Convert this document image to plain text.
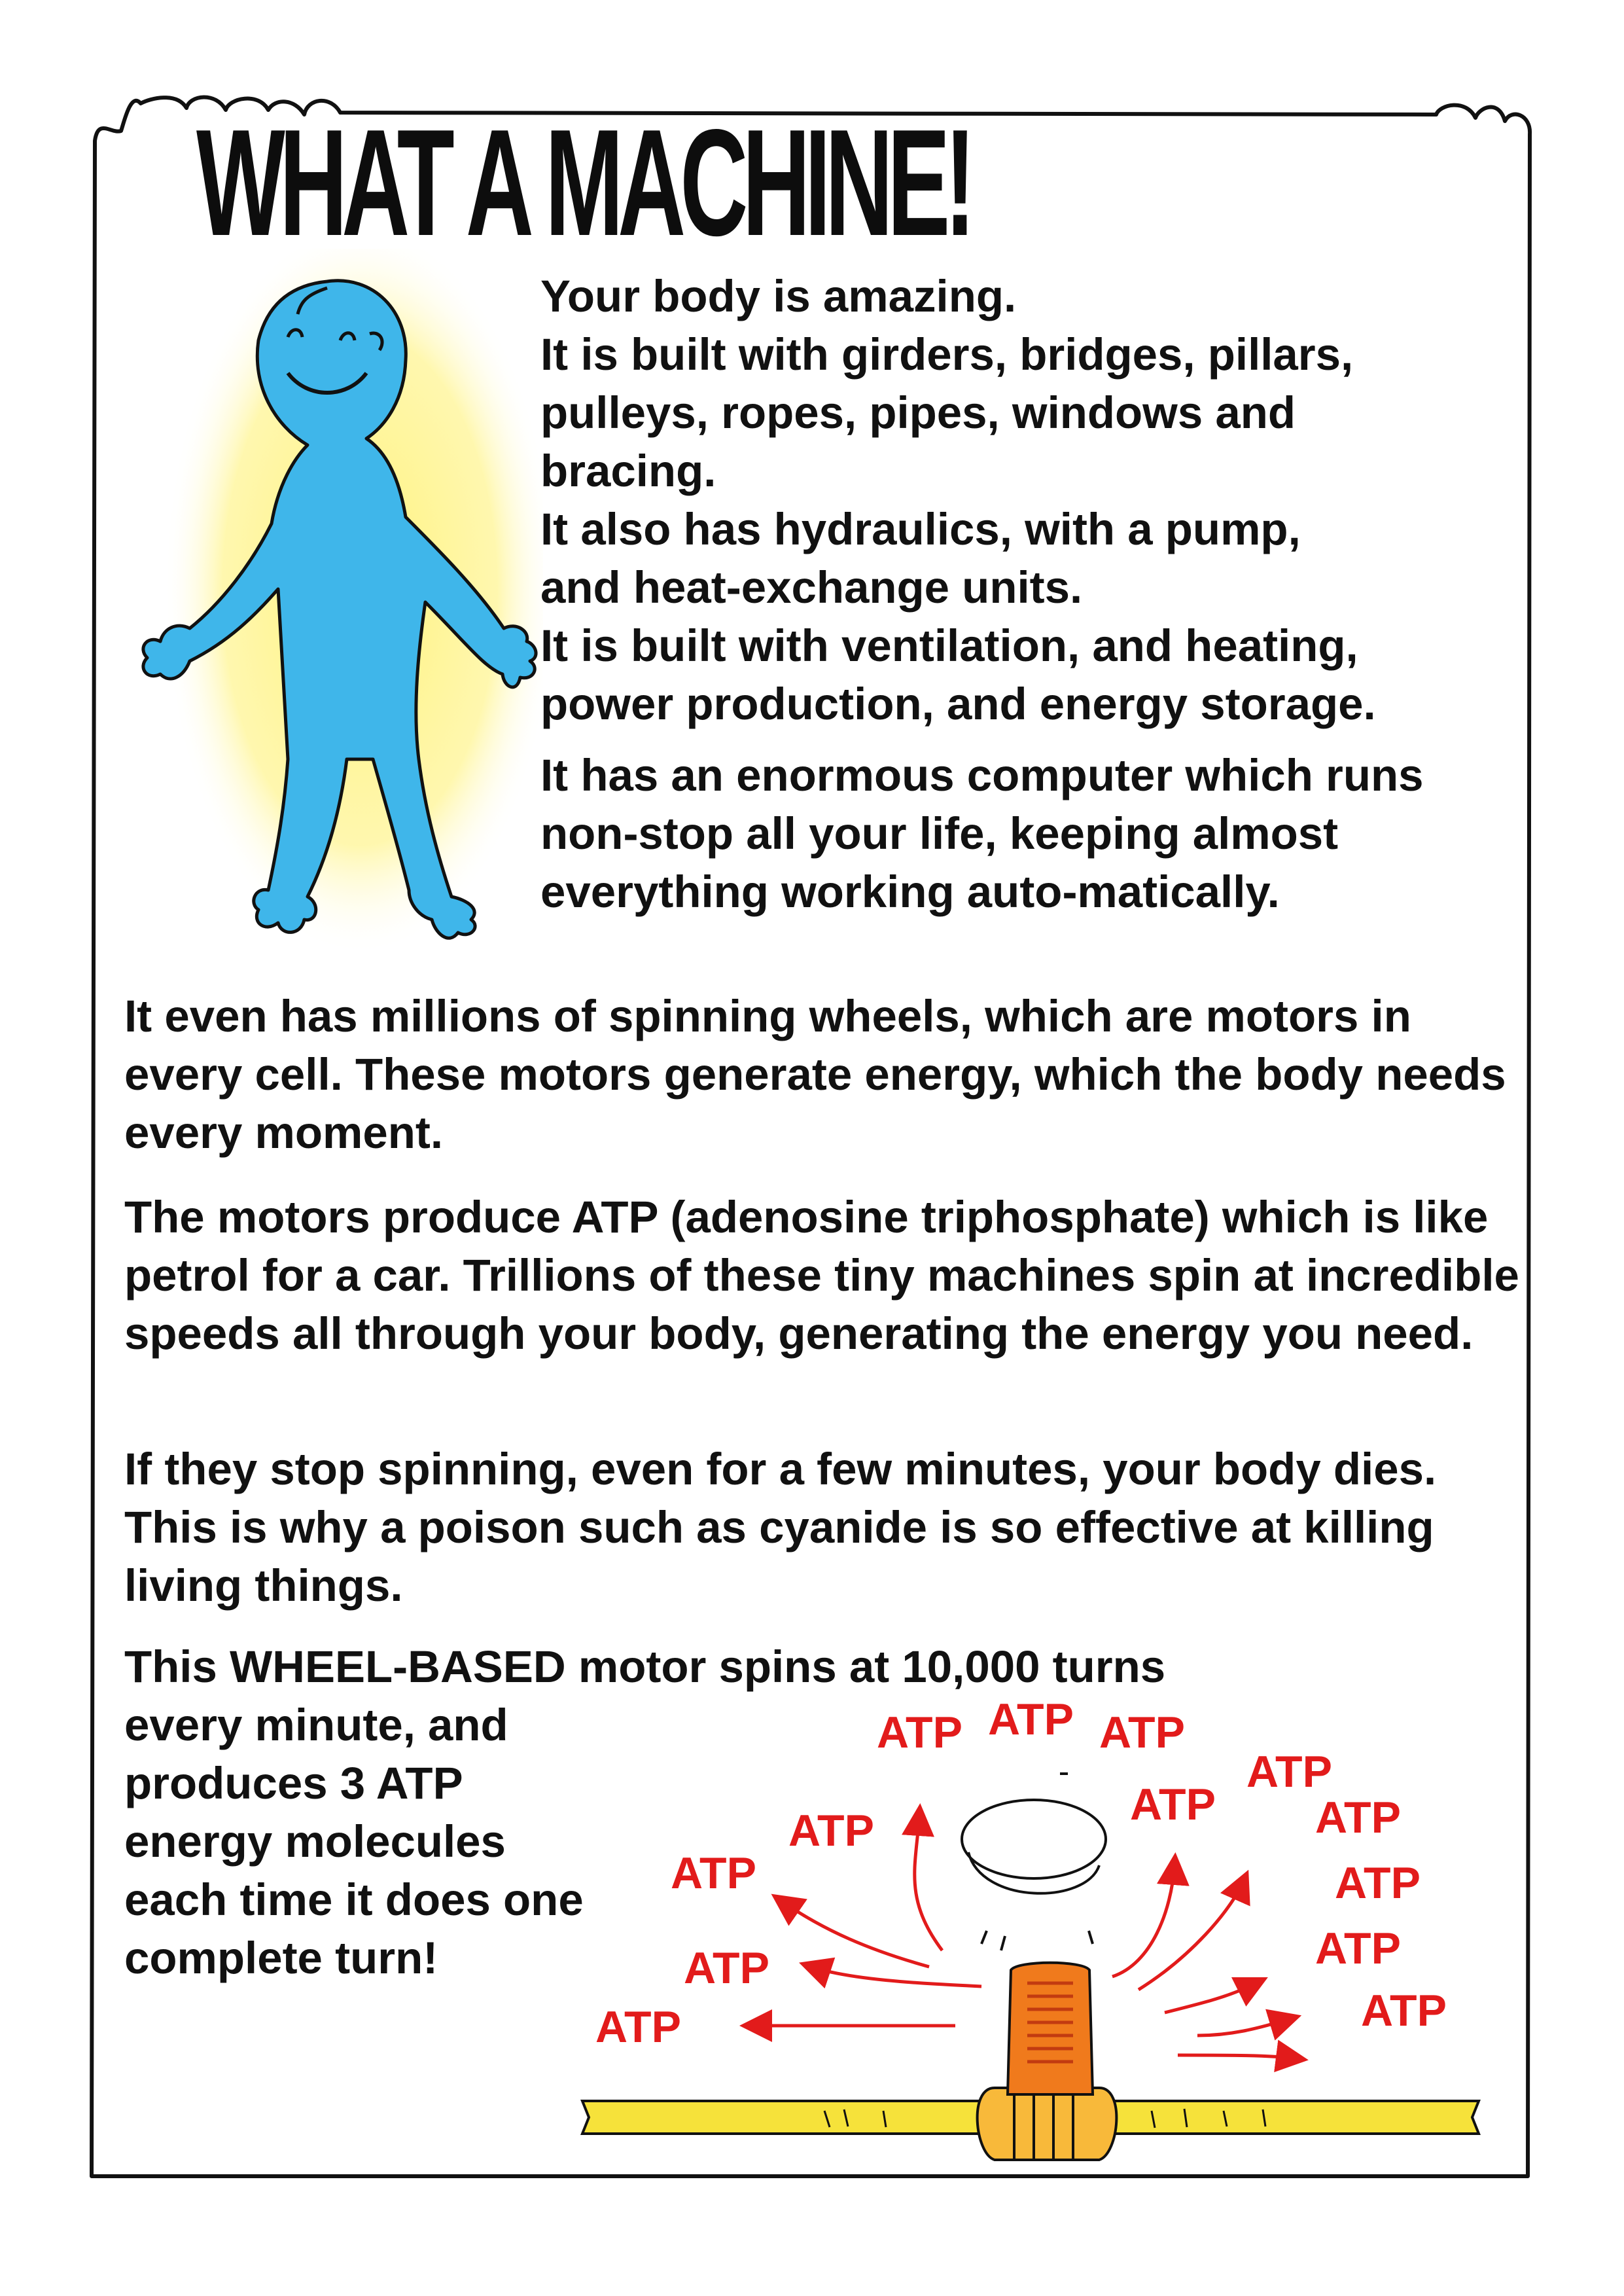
WHAT A MACHINE!

Your body is amazing.
It is built with girders, bridges, pillars,
pulleys, ropes, pipes, windows and
bracing.
It also has hydraulics, with a pump,
and heat-exchange units.
It is built with ventilation, and heating,
power production, and energy storage.

It has an enormous computer which runs non-stop all your life, keeping almost everything working auto-matically.

It even has millions of spinning wheels, which are motors in every cell. These motors generate energy, which the body needs every moment.

The motors produce ATP (adenosine triphosphate) which is like petrol for a car. Trillions of these tiny machines spin at incredible speeds all through your body, generating the energy you need.

If they stop spinning, even for a few minutes, your body dies. This is why a poison such as cyanide is so effective at killing living things.

This WHEEL-BASED motor spins at 10,000 turns

every minute, and produces 3 ATP energy molecules each time it does one complete turn!

ATP ATP ATP
ATP
ATP ATP
ATP
ATP
ATP
ATP
ATP
ATP
ATP
